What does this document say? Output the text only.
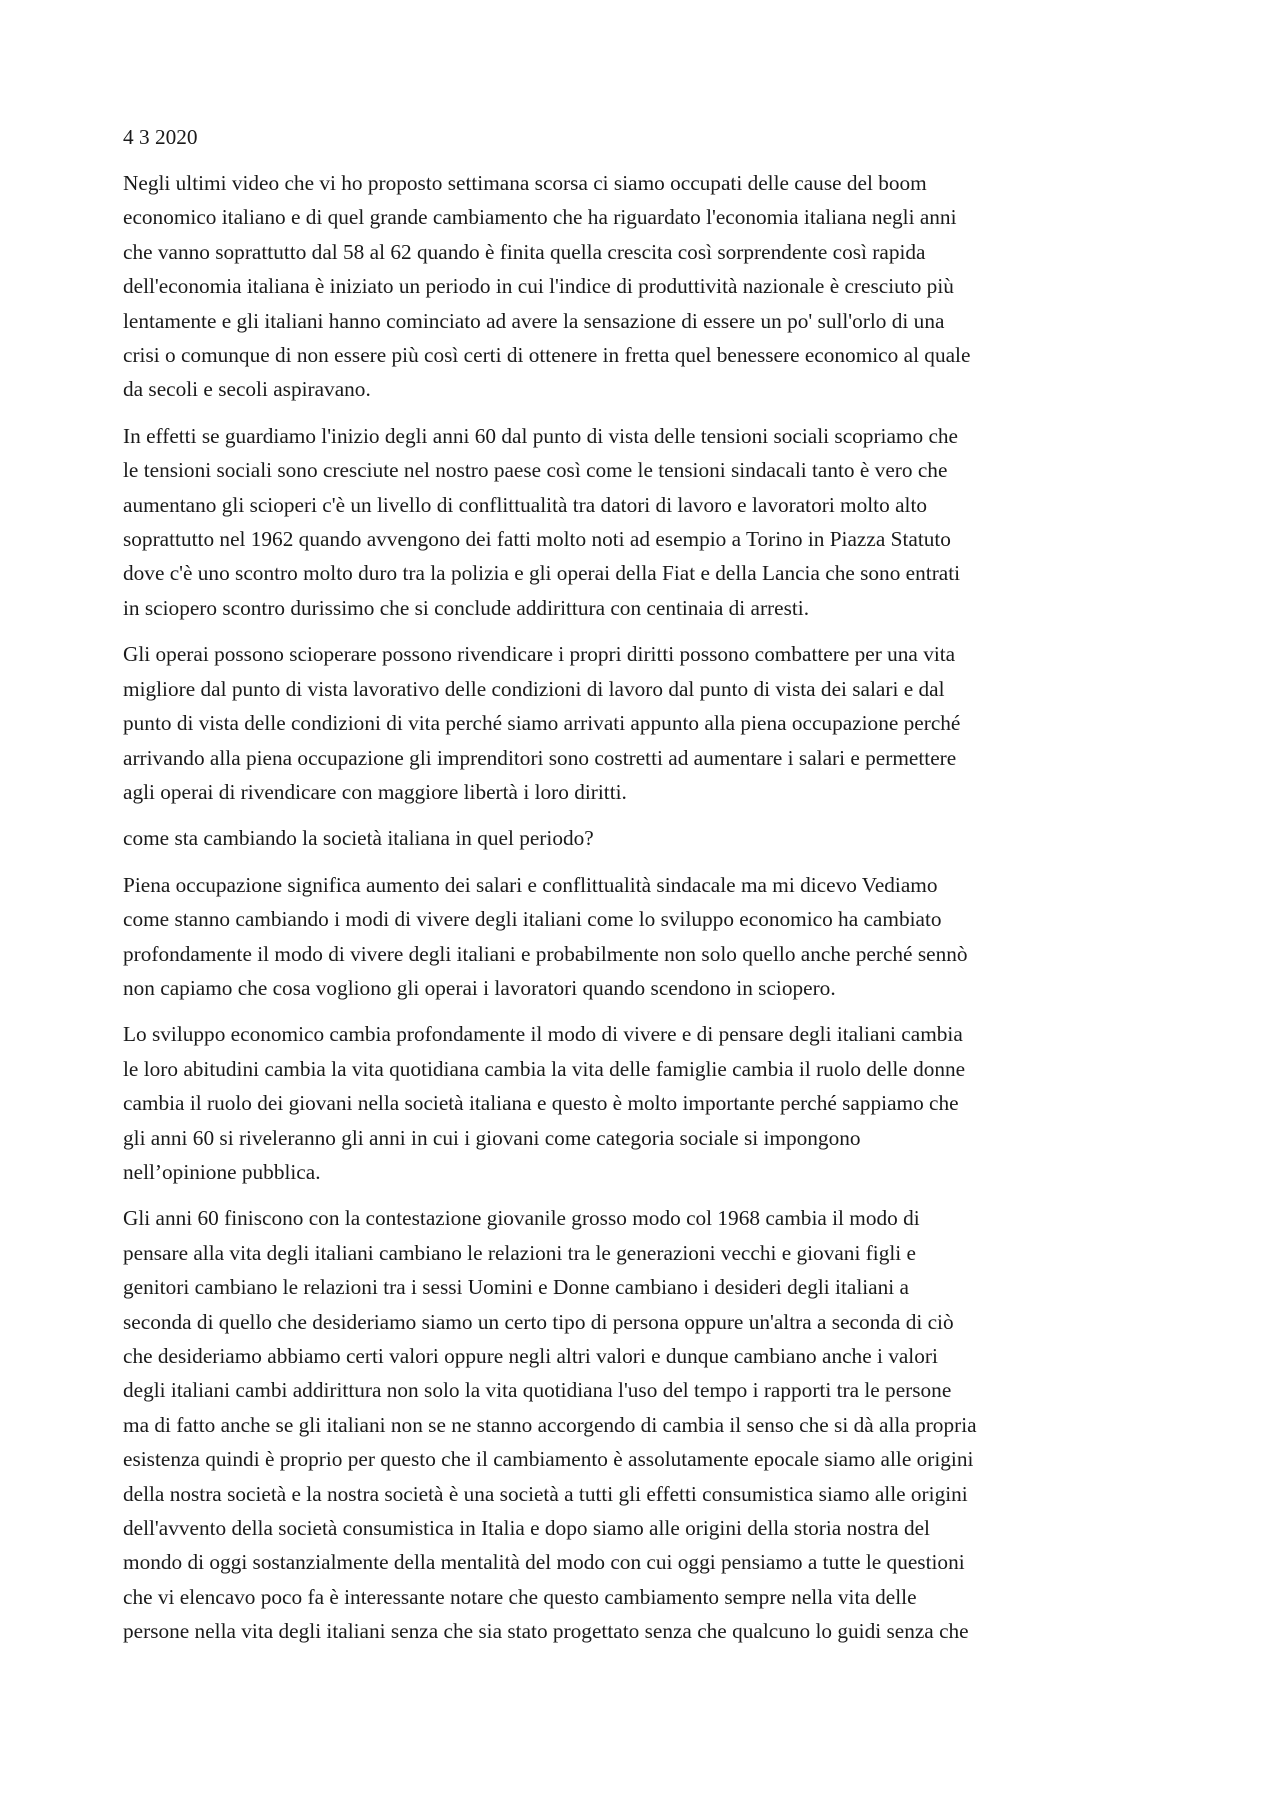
4 3 2020
Negli ultimi video che vi ho proposto settimana scorsa ci siamo occupati delle cause del boom
economico italiano e di quel grande cambiamento che ha riguardato l'economia italiana negli anni
che vanno soprattutto dal 58 al 62 quando è finita quella crescita così sorprendente così rapida
dell'economia italiana è iniziato un periodo in cui l'indice di produttività nazionale è cresciuto più
lentamente e gli italiani hanno cominciato ad avere la sensazione di essere un po' sull'orlo di una
crisi o comunque di non essere più così certi di ottenere in fretta quel benessere economico al quale
da secoli e secoli aspiravano.
In effetti se guardiamo l'inizio degli anni 60 dal punto di vista delle tensioni sociali scopriamo che
le tensioni sociali sono cresciute nel nostro paese così come le tensioni sindacali tanto è vero che
aumentano gli scioperi c'è un livello di conflittualità tra datori di lavoro e lavoratori molto alto
soprattutto nel 1962 quando avvengono dei fatti molto noti ad esempio a Torino in Piazza Statuto
dove c'è uno scontro molto duro tra la polizia e gli operai della Fiat e della Lancia che sono entrati
in sciopero scontro durissimo che si conclude addirittura con centinaia di arresti.
Gli operai possono scioperare possono rivendicare i propri diritti possono combattere per una vita
migliore dal punto di vista lavorativo delle condizioni di lavoro dal punto di vista dei salari e dal
punto di vista delle condizioni di vita perché siamo arrivati appunto alla piena occupazione perché
arrivando alla piena occupazione gli imprenditori sono costretti ad aumentare i salari e permettere
agli operai di rivendicare con maggiore libertà i loro diritti.
come sta cambiando la società italiana in quel periodo?
Piena occupazione significa aumento dei salari e conflittualità sindacale ma mi dicevo Vediamo
come stanno cambiando i modi di vivere degli italiani come lo sviluppo economico ha cambiato
profondamente il modo di vivere degli italiani e probabilmente non solo quello anche perché sennò
non capiamo che cosa vogliono gli operai i lavoratori quando scendono in sciopero.
Lo sviluppo economico cambia profondamente il modo di vivere e di pensare degli italiani cambia
le loro abitudini cambia la vita quotidiana cambia la vita delle famiglie cambia il ruolo delle donne
cambia il ruolo dei giovani nella società italiana e questo è molto importante perché sappiamo che
gli anni 60 si riveleranno gli anni in cui i giovani come categoria sociale si impongono
nell’opinione pubblica.
Gli anni 60 finiscono con la contestazione giovanile grosso modo col 1968 cambia il modo di
pensare alla vita degli italiani cambiano le relazioni tra le generazioni vecchi e giovani figli e
genitori cambiano le relazioni tra i sessi Uomini e Donne cambiano i desideri degli italiani a
seconda di quello che desideriamo siamo un certo tipo di persona oppure un'altra a seconda di ciò
che desideriamo abbiamo certi valori oppure negli altri valori e dunque cambiano anche i valori
degli italiani cambi addirittura non solo la vita quotidiana l'uso del tempo i rapporti tra le persone
ma di fatto anche se gli italiani non se ne stanno accorgendo di cambia il senso che si dà alla propria
esistenza quindi è proprio per questo che il cambiamento è assolutamente epocale siamo alle origini
della nostra società e la nostra società è una società a tutti gli effetti consumistica siamo alle origini
dell'avvento della società consumistica in Italia e dopo siamo alle origini della storia nostra del
mondo di oggi sostanzialmente della mentalità del modo con cui oggi pensiamo a tutte le questioni
che vi elencavo poco fa è interessante notare che questo cambiamento sempre nella vita delle
persone nella vita degli italiani senza che sia stato progettato senza che qualcuno lo guidi senza che
